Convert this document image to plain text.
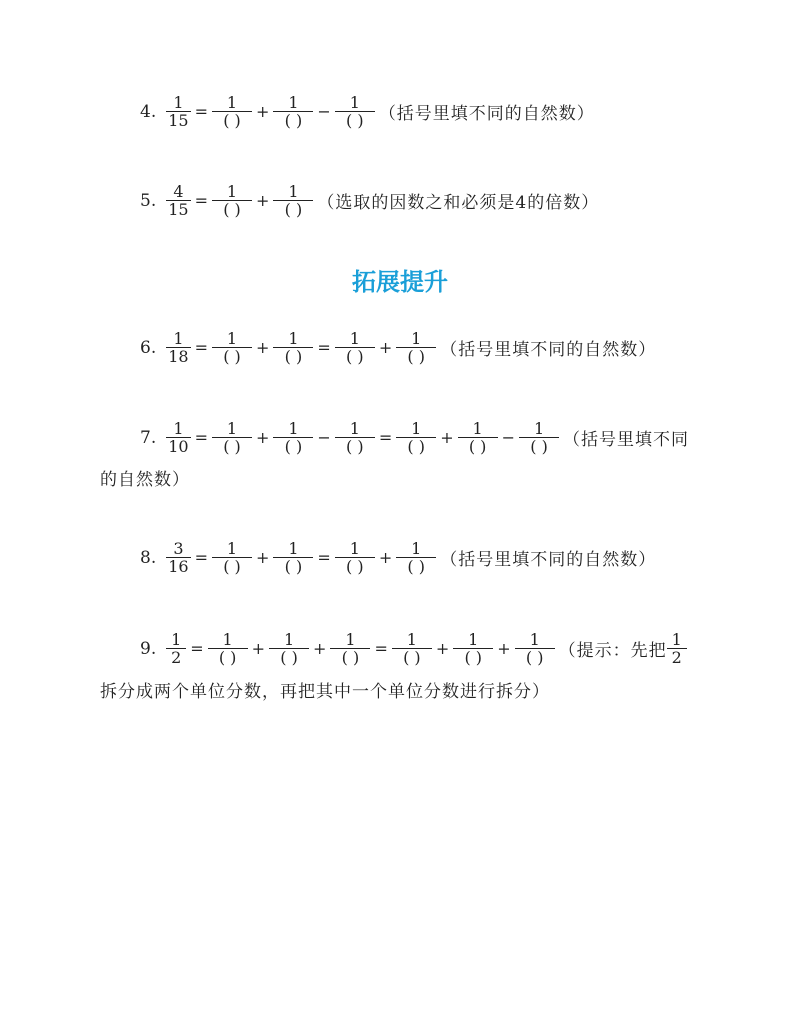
4. $\frac{1}{15} = \frac{1}{( )} + \frac{1}{( )} - \frac{1}{( )}$ （括号里填不同的自然数）
5. $\frac{4}{15} = \frac{1}{( )} + \frac{1}{( )}$ （选取的因数之和必须是4的倍数）
拓展提升
6. $\frac{1}{18} = \frac{1}{( )} + \frac{1}{( )} = \frac{1}{( )} + \frac{1}{( )}$ （括号里填不同的自然数）
7. $\frac{1}{10} = \frac{1}{( )} + \frac{1}{( )} - \frac{1}{( )} = \frac{1}{( )} + \frac{1}{( )} - \frac{1}{( )}$ （括号里填不同
的自然数）
8. $\frac{3}{16} = \frac{1}{( )} + \frac{1}{( )} = \frac{1}{( )} + \frac{1}{( )}$ （括号里填不同的自然数）
9. $\frac{1}{2} = \frac{1}{( )} + \frac{1}{( )} + \frac{1}{( )} = \frac{1}{( )} + \frac{1}{( )} + \frac{1}{( )}$ （提示：先把 $\frac{1}{2}$
拆分成两个单位分数，再把其中一个单位分数进行拆分）
